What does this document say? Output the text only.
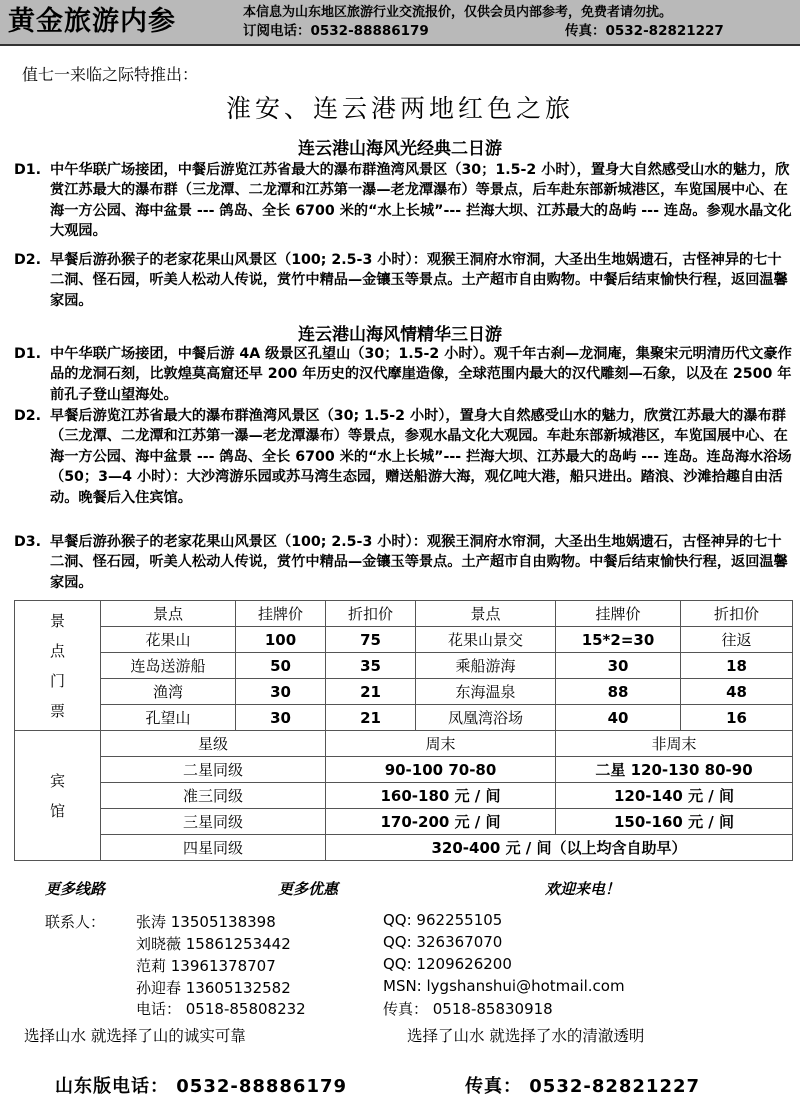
黄金旅游内参	本信息为山东地区旅游行业交流报价，仅供会员内部参考，免费者请勿扰。
订阅电话：0532-88886179	传真：0532-82821227
值七一来临之际特推出：
淮安、连云港两地红色之旅
连云港山海风光经典二日游
D1. 中午华联广场接团，中餐后游览江苏省最大的瀑布群渔湾风景区（30；1.5-2 小时），置身大自然感受山水的魅力，欣赏江苏最大的瀑布群（三龙潭、二龙潭和江苏第一瀑—老龙潭瀑布）等景点，后车赴东部新城港区，车览国展中心、在海一方公园、海中盆景 --- 鸽岛、全长 6700 米的“水上长城”--- 拦海大坝、江苏最大的岛屿 --- 连岛。参观水晶文化大观园。
D2. 早餐后游孙猴子的老家花果山风景区（100; 2.5-3 小时）：观猴王洞府水帘洞，大圣出生地娲遗石，古怪神异的七十二洞、怪石园，听美人松动人传说，赏竹中精品—金镶玉等景点。土产超市自由购物。中餐后结束愉快行程，返回温馨家园。
连云港山海风情精华三日游
D1. 中午华联广场接团，中餐后游 4A 级景区孔望山（30；1.5-2 小时）。观千年古刹—龙洞庵，集聚宋元明清历代文豪作品的龙洞石刻，比敦煌莫高窟还早 200 年历史的汉代摩崖造像，全球范围内最大的汉代雕刻—石象，以及在 2500 年前孔子登山望海处。
D2. 早餐后游览江苏省最大的瀑布群渔湾风景区（30; 1.5-2 小时），置身大自然感受山水的魅力，欣赏江苏最大的瀑布群（三龙潭、二龙潭和江苏第一瀑—老龙潭瀑布）等景点，参观水晶文化大观园。车赴东部新城港区，车览国展中心、在海一方公园、海中盆景 --- 鸽岛、全长 6700 米的“水上长城”--- 拦海大坝、江苏最大的岛屿 --- 连岛。连岛海水浴场（50；3—4 小时）：大沙湾游乐园或苏马湾生态园，赠送船游大海，观亿吨大港，船只进出。踏浪、沙滩拾趣自由活动。晚餐后入住宾馆。
D3. 早餐后游孙猴子的老家花果山风景区（100; 2.5-3 小时）：观猴王洞府水帘洞，大圣出生地娲遗石，古怪神异的七十二洞、怪石园，听美人松动人传说，赏竹中精品—金镶玉等景点。土产超市自由购物。中餐后结束愉快行程，返回温馨家园。
景
点
门
票	景点	挂牌价	折扣价	景点	挂牌价	折扣价
	花果山	100	75	花果山景交	15*2=30	往返
	连岛送游船	50	35	乘船游海	30	18
	渔湾	30	21	东海温泉	88	48
	孔望山	30	21	凤凰湾浴场	40	16
宾
馆	星级		周末		非周末	
	二星同级		90-100 70-80		二星 120-130 80-90	
	准三同级		160-180 元 / 间		120-140 元 / 间	
	三星同级		170-200 元 / 间		150-160 元 / 间	
	四星同级		320-400 元 / 间（以上均含自助早）			
更多线路	更多优惠	欢迎来电！
联系人： 张涛 13505138398	QQ: 962255105
刘晓薇 15861253442	QQ: 326367070
范莉 13961378707	QQ: 1209626200
孙迎春 13605132582	MSN: lygshanshui@hotmail.com
电话： 0518-85808232	传真： 0518-85830918
选择山水 就选择了山的诚实可靠	选择了山水 就选择了水的清澈透明
山东版电话： 0532-88886179	传真： 0532-82821227
